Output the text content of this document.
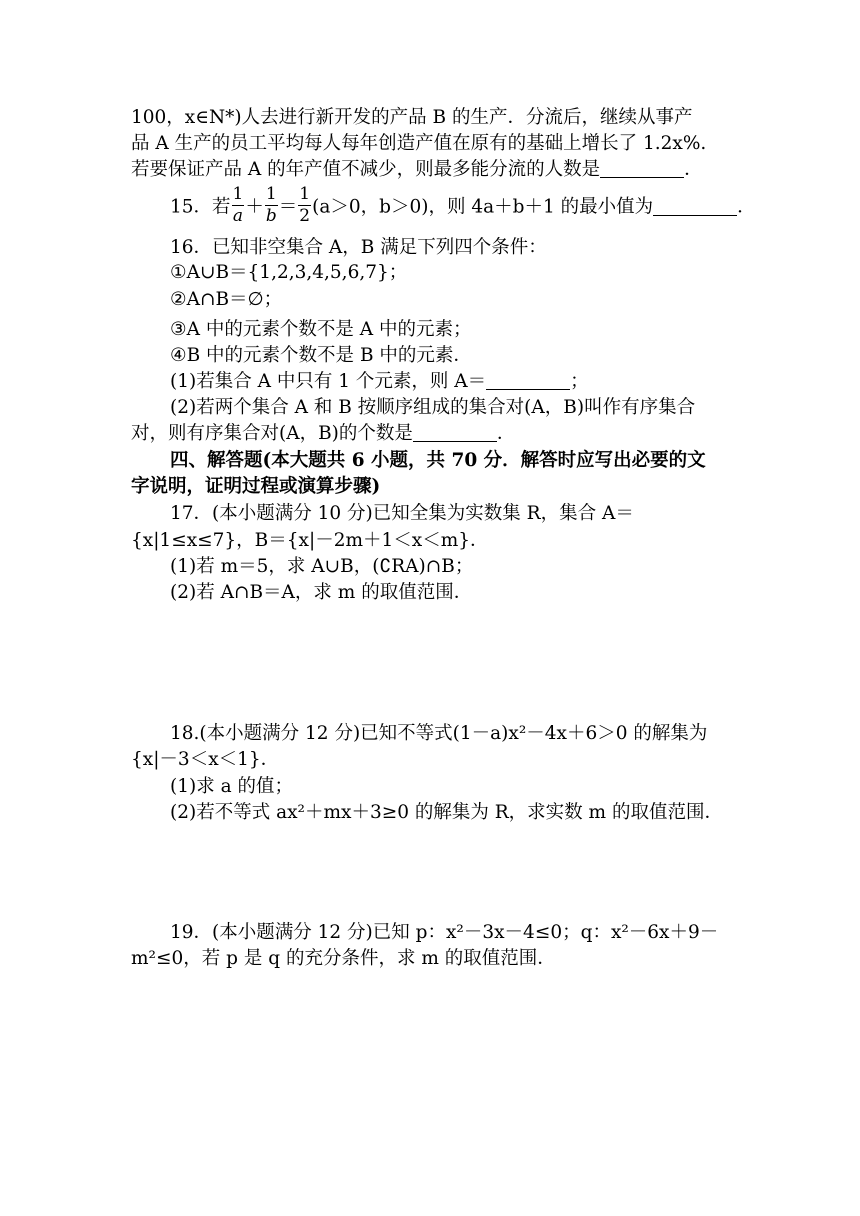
100，x∈N*)人去进行新开发的产品 B 的生产．分流后，继续从事产
品 A 生产的员工平均每人每年创造产值在原有的基础上增长了 1.2x%.
若要保证产品 A 的年产值不减少，则最多能分流的人数是	．
15．若 $\frac{1}{a} + \frac{1}{b} = \frac{1}{2} (a>0$，b＞0)，则 4a＋b＋1 的最小值为	．
16．已知非空集合 A，B 满足下列四个条件：
①A∪B＝{1,2,3,4,5,6,7}；
②A∩B＝∅；
③A 中的元素个数不是 A 中的元素；
④B 中的元素个数不是 B 中的元素．
(1)若集合 A 中只有 1 个元素，则 A＝	；
(2)若两个集合 A 和 B 按顺序组成的集合对(A，B)叫作有序集合
对，则有序集合对(A，B)的个数是	．
四、解答题(本大题共 6 小题，共 70 分．解答时应写出必要的文
字说明，证明过程或演算步骤)
17．(本小题满分 10 分)已知全集为实数集 R，集合 A＝
{x|1≤x≤7}，B＝{x|－2m＋1＜x＜m}．
(1)若 m＝5，求 A∪B，(∁RA)∩B；
(2)若 A∩B＝A，求 m 的取值范围．
18.(本小题满分 12 分)已知不等式(1－a)x²－4x＋6＞0 的解集为
{x|－3＜x＜1}．
(1)求 a 的值；
(2)若不等式 ax²＋mx＋3≥0 的解集为 R，求实数 m 的取值范围．
19．(本小题满分 12 分)已知 p：x²－3x－4≤0；q：x²－6x＋9－
m²≤0，若 p 是 q 的充分条件，求 m 的取值范围．
